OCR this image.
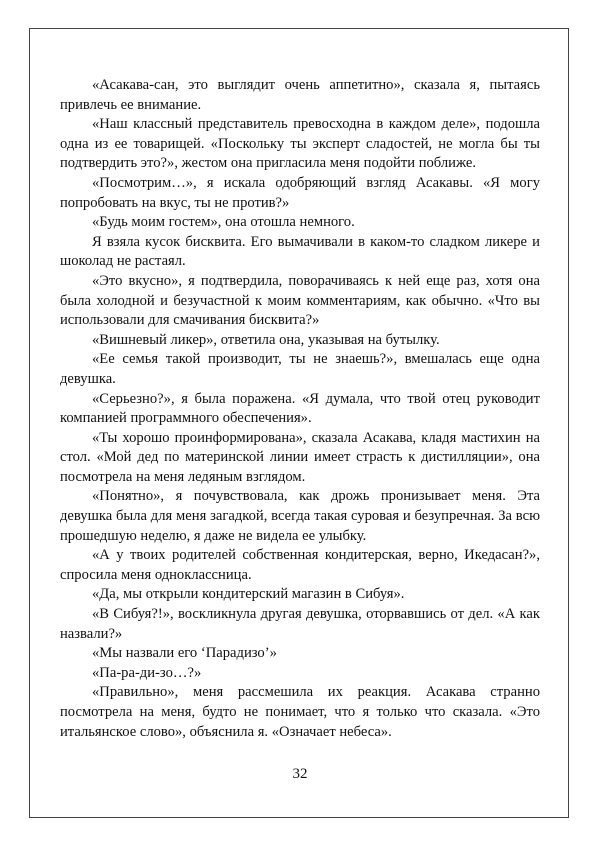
«Асакава-сан, это выглядит очень аппетитно», сказала я, пытаясь привлечь ее внимание.

«Наш классный представитель превосходна в каждом деле», подошла одна из ее товарищей. «Поскольку ты эксперт сладостей, не могла бы ты подтвердить это?», жестом она пригласила меня подойти поближе.

«Посмотрим…», я искала одобряющий взгляд Асакавы. «Я могу попробовать на вкус, ты не против?»

«Будь моим гостем», она отошла немного.

Я взяла кусок бисквита. Его вымачивали в каком-то сладком ликере и шоколад не растаял.

«Это вкусно», я подтвердила, поворачиваясь к ней еще раз, хотя она была холодной и безучастной к моим комментариям, как обычно. «Что вы использовали для смачивания бисквита?»

«Вишневый ликер», ответила она, указывая на бутылку.

«Ее семья такой производит, ты не знаешь?», вмешалась еще одна девушка.

«Серьезно?», я была поражена. «Я думала, что твой отец руководит компанией программного обеспечения».

«Ты хорошо проинформирована», сказала Асакава, кладя мастихин на стол. «Мой дед по материнской линии имеет страсть к дистилляции», она посмотрела на меня ледяным взглядом.

«Понятно», я почувствовала, как дрожь пронизывает меня. Эта девушка была для меня загадкой, всегда такая суровая и безупречная. За всю прошедшую неделю, я даже не видела ее улыбку.

«А у твоих родителей собственная кондитерская, верно, Икедасан?», спросила меня одноклассница.

«Да, мы открыли кондитерский магазин в Сибуя».

«В Сибуя?!», воскликнула другая девушка, оторвавшись от дел. «А как назвали?»

«Мы назвали его ‘Парадизо’»

«Па-ра-ди-зо…?»

«Правильно», меня рассмешила их реакция. Асакава странно посмотрела на меня, будто не понимает, что я только что сказала. «Это итальянское слово», объяснила я. «Означает небеса».

32
